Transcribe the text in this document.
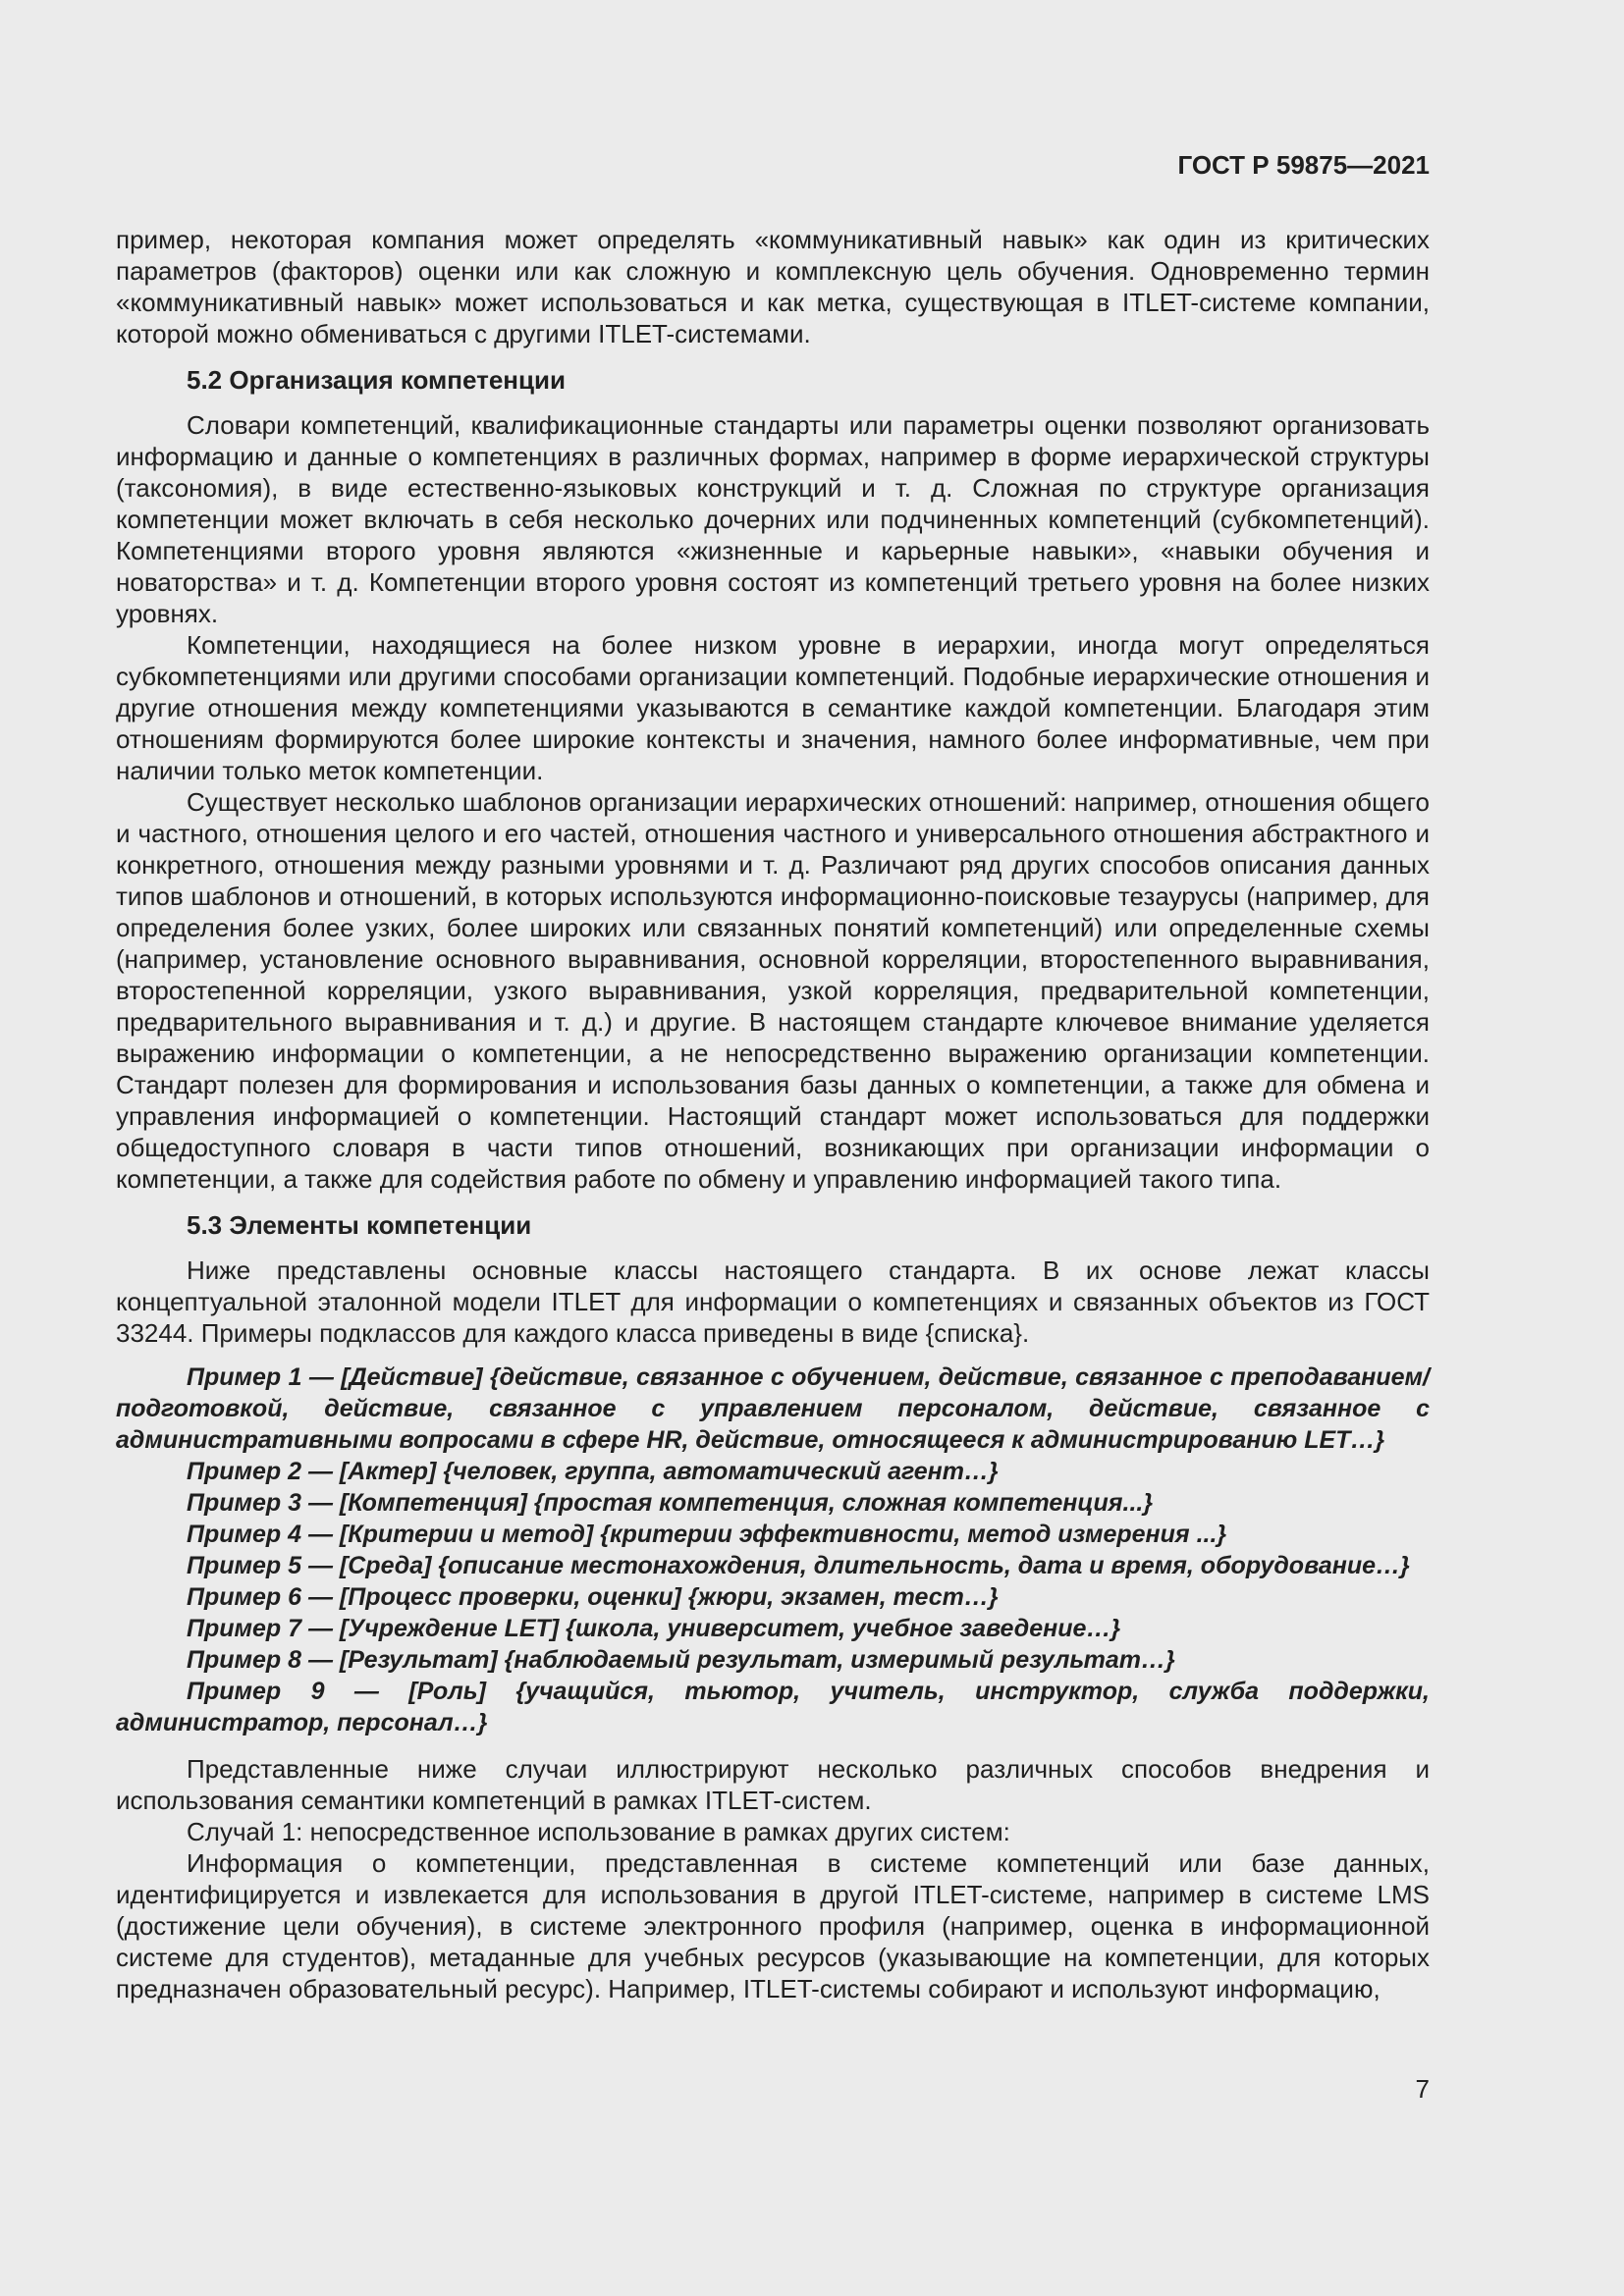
ГОСТ Р 59875—2021

пример, некоторая компания может определять «коммуникативный навык» как один из критических параметров (факторов) оценки или как сложную и комплексную цель обучения. Одновременно термин «коммуникативный навык» может использоваться и как метка, существующая в ITLET-системе компании, которой можно обмениваться с другими ITLET-системами.

5.2 Организация компетенции

Словари компетенций, квалификационные стандарты или параметры оценки позволяют организовать информацию и данные о компетенциях в различных формах, например в форме иерархической структуры (таксономия), в виде естественно-языковых конструкций и т. д. Сложная по структуре организация компетенции может включать в себя несколько дочерних или подчиненных компетенций (субкомпетенций). Компетенциями второго уровня являются «жизненные и карьерные навыки», «навыки обучения и новаторства» и т. д. Компетенции второго уровня состоят из компетенций третьего уровня на более низких уровнях.

Компетенции, находящиеся на более низком уровне в иерархии, иногда могут определяться субкомпетенциями или другими способами организации компетенций. Подобные иерархические отношения и другие отношения между компетенциями указываются в семантике каждой компетенции. Благодаря этим отношениям формируются более широкие контексты и значения, намного более информативные, чем при наличии только меток компетенции.

Существует несколько шаблонов организации иерархических отношений: например, отношения общего и частного, отношения целого и его частей, отношения частного и универсального отношения абстрактного и конкретного, отношения между разными уровнями и т. д. Различают ряд других способов описания данных типов шаблонов и отношений, в которых используются информационно-поисковые тезаурусы (например, для определения более узких, более широких или связанных понятий компетенций) или определенные схемы (например, установление основного выравнивания, основной корреляции, второстепенного выравнивания, второстепенной корреляции, узкого выравнивания, узкой корреляция, предварительной компетенции, предварительного выравнивания и т. д.) и другие. В настоящем стандарте ключевое внимание уделяется выражению информации о компетенции, а не непосредственно выражению организации компетенции. Стандарт полезен для формирования и использования базы данных о компетенции, а также для обмена и управления информацией о компетенции. Настоящий стандарт может использоваться для поддержки общедоступного словаря в части типов отношений, возникающих при организации информации о компетенции, а также для содействия работе по обмену и управлению информацией такого типа.

5.3 Элементы компетенции

Ниже представлены основные классы настоящего стандарта. В их основе лежат классы концептуальной эталонной модели ITLET для информации о компетенциях и связанных объектов из ГОСТ 33244. Примеры подклассов для каждого класса приведены в виде {списка}.

Пример 1 — [Действие] {действие, связанное с обучением, действие, связанное с преподаванием/подготовкой, действие, связанное с управлением персоналом, действие, связанное с административными вопросами в сфере HR, действие, относящееся к администрированию LET…}

Пример 2 — [Актер] {человек, группа, автоматический агент…}

Пример 3 — [Компетенция] {простая компетенция, сложная компетенция...}

Пример 4 — [Критерии и метод] {критерии эффективности, метод измерения ...}

Пример 5 — [Среда] {описание местонахождения, длительность, дата и время, оборудование…}

Пример 6 — [Процесс проверки, оценки] {жюри, экзамен, тест…}

Пример 7 — [Учреждение LET] {школа, университет, учебное заведение…}

Пример 8 — [Результат] {наблюдаемый результат, измеримый результат…}

Пример 9 — [Роль] {учащийся, тьютор, учитель, инструктор, служба поддержки, администратор, персонал…}

Представленные ниже случаи иллюстрируют несколько различных способов внедрения и использования семантики компетенций в рамках ITLET-систем.

Случай 1: непосредственное использование в рамках других систем:

Информация о компетенции, представленная в системе компетенций или базе данных, идентифицируется и извлекается для использования в другой ITLET-системе, например в системе LMS (достижение цели обучения), в системе электронного профиля (например, оценка в информационной системе для студентов), метаданные для учебных ресурсов (указывающие на компетенции, для которых предназначен образовательный ресурс). Например, ITLET-системы собирают и используют информацию,

7
